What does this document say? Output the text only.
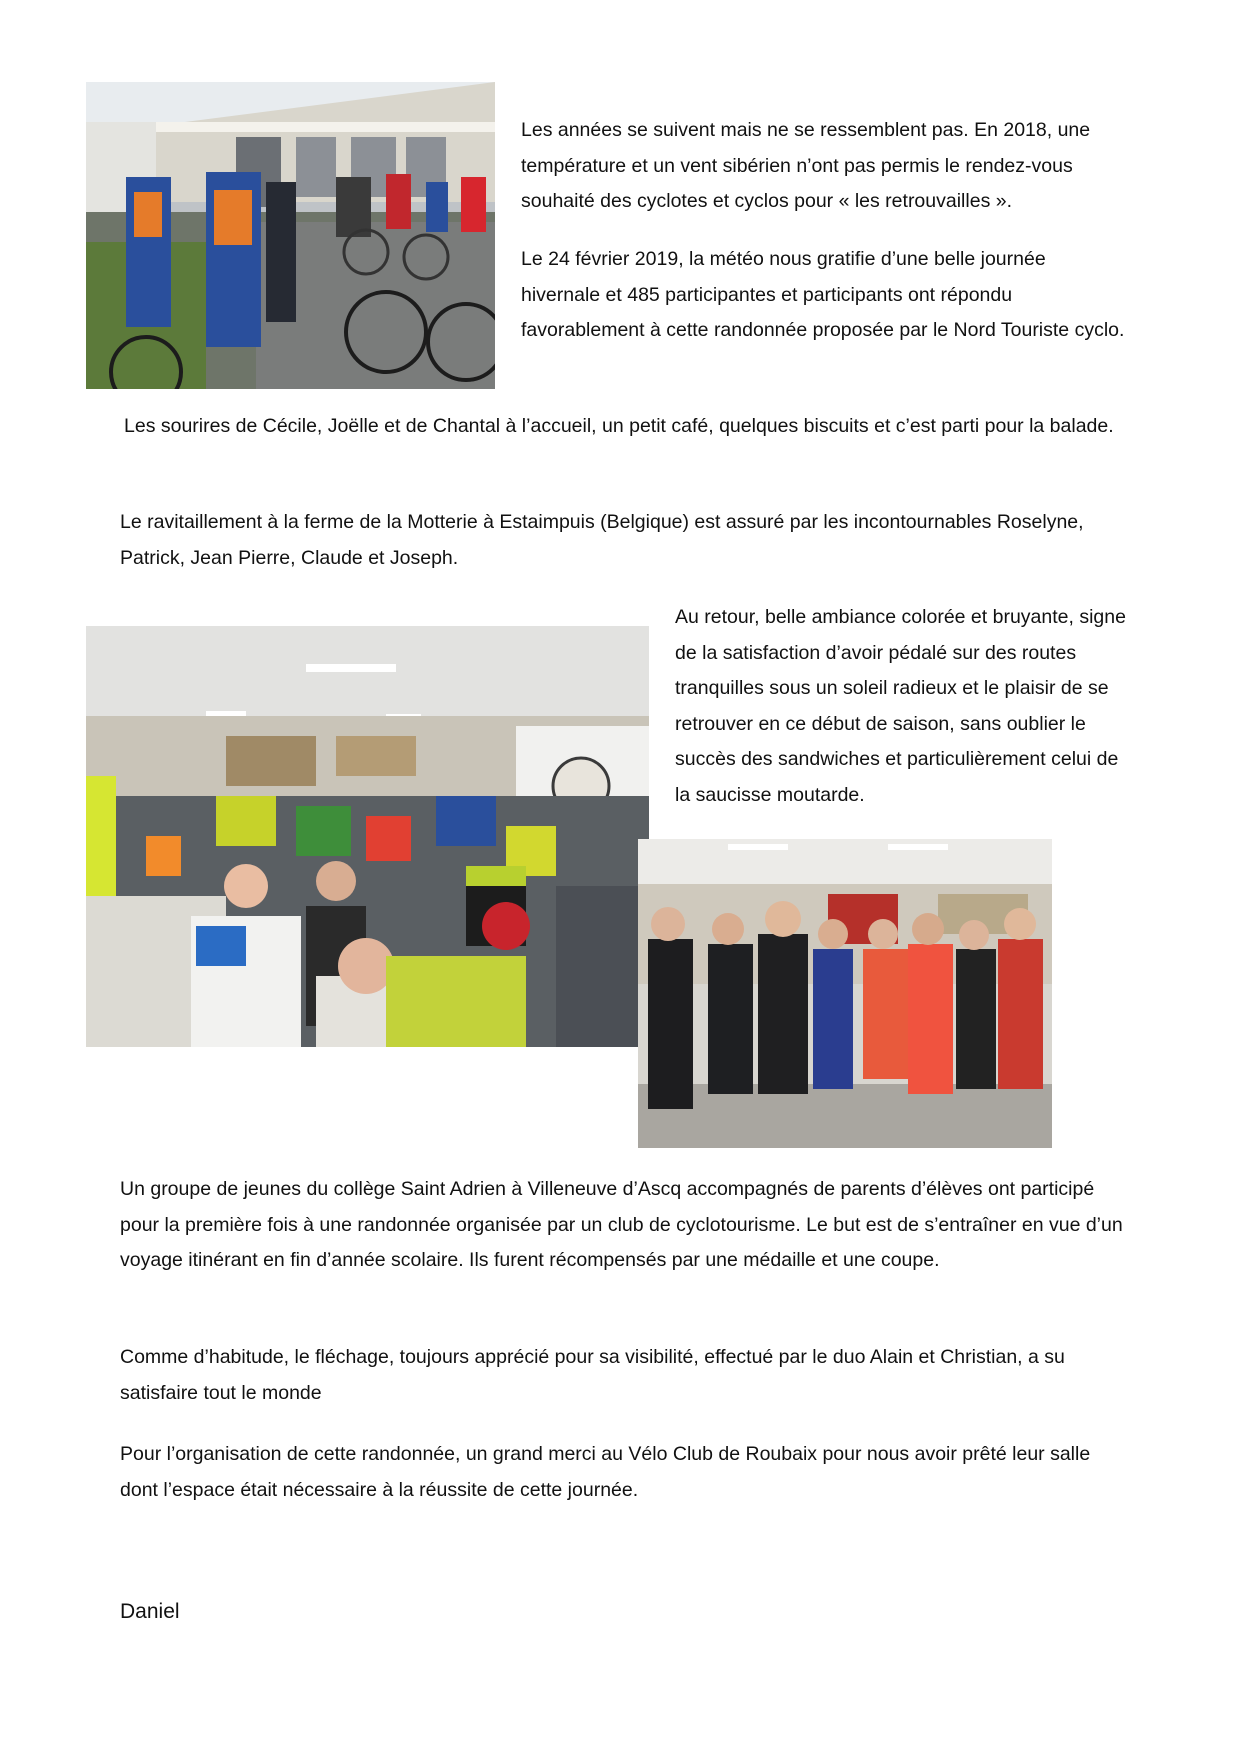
Les années se suivent mais ne se ressemblent pas. En 2018, une température et un vent sibérien n’ont pas permis le rendez-vous souhaité des cyclotes et cyclos pour « les retrouvailles ».

Le 24 février 2019, la météo nous gratifie d’une belle journée hivernale et 485 participantes et participants ont répondu favorablement à cette randonnée proposée par le Nord Touriste cyclo.

Les sourires de Cécile, Joëlle et de Chantal à l’accueil, un petit café, quelques biscuits et c’est parti pour la balade.

Le ravitaillement à la ferme de la Motterie à Estaimpuis (Belgique) est assuré par les incontournables Roselyne, Patrick, Jean Pierre, Claude et Joseph.

Au retour, belle ambiance colorée et bruyante, signe de la satisfaction d’avoir pédalé sur des routes tranquilles sous un soleil radieux et le plaisir de se retrouver en ce début de saison, sans oublier le succès des sandwiches et particulièrement celui de la saucisse moutarde.

Un groupe de jeunes du collège Saint Adrien à Villeneuve d’Ascq accompagnés de parents d’élèves ont participé pour la première fois à une randonnée organisée par un club de cyclotourisme. Le but est de s’entraîner en vue d’un voyage itinérant en fin d’année scolaire. Ils furent récompensés par une médaille et une coupe.

Comme d’habitude, le fléchage, toujours apprécié pour sa visibilité, effectué par le duo Alain et Christian, a su satisfaire tout le monde

Pour l’organisation de cette randonnée, un grand merci au Vélo Club de Roubaix pour nous avoir prêté leur salle dont l’espace était nécessaire à la réussite de cette journée.

Daniel
